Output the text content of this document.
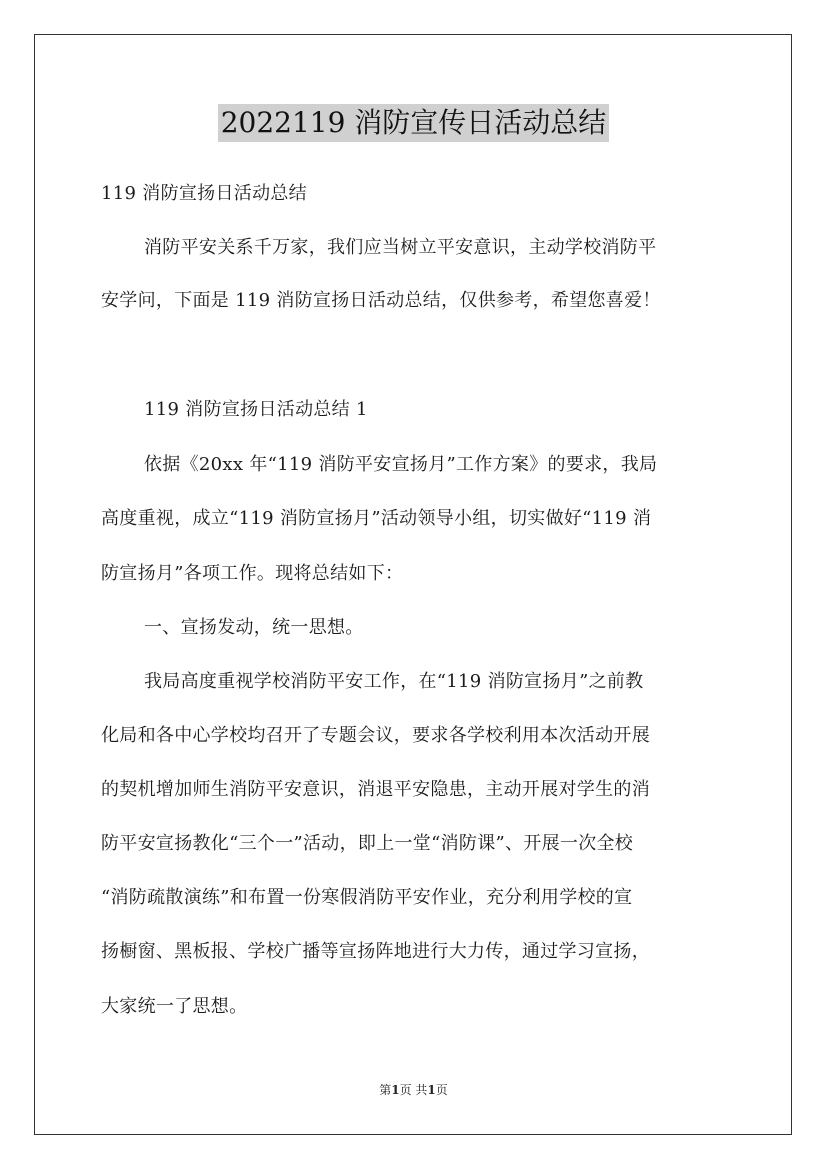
2022119 消防宣传日活动总结
119 消防宣扬日活动总结
消防平安关系千万家，我们应当树立平安意识，主动学校消防平
安学问，下面是 119 消防宣扬日活动总结，仅供参考，希望您喜爱！
119 消防宣扬日活动总结 1
依据《20xx 年“119 消防平安宣扬月”工作方案》的要求，我局
高度重视，成立“119 消防宣扬月”活动领导小组，切实做好“119 消
防宣扬月”各项工作。现将总结如下：
一、宣扬发动，统一思想。
我局高度重视学校消防平安工作，在“119 消防宣扬月”之前教
化局和各中心学校均召开了专题会议，要求各学校利用本次活动开展
的契机增加师生消防平安意识，消退平安隐患，主动开展对学生的消
防平安宣扬教化“三个一”活动，即上一堂“消防课”、开展一次全校
“消防疏散演练”和布置一份寒假消防平安作业，充分利用学校的宣
扬橱窗、黑板报、学校广播等宣扬阵地进行大力传，通过学习宣扬，
大家统一了思想。
第1页 共1页
